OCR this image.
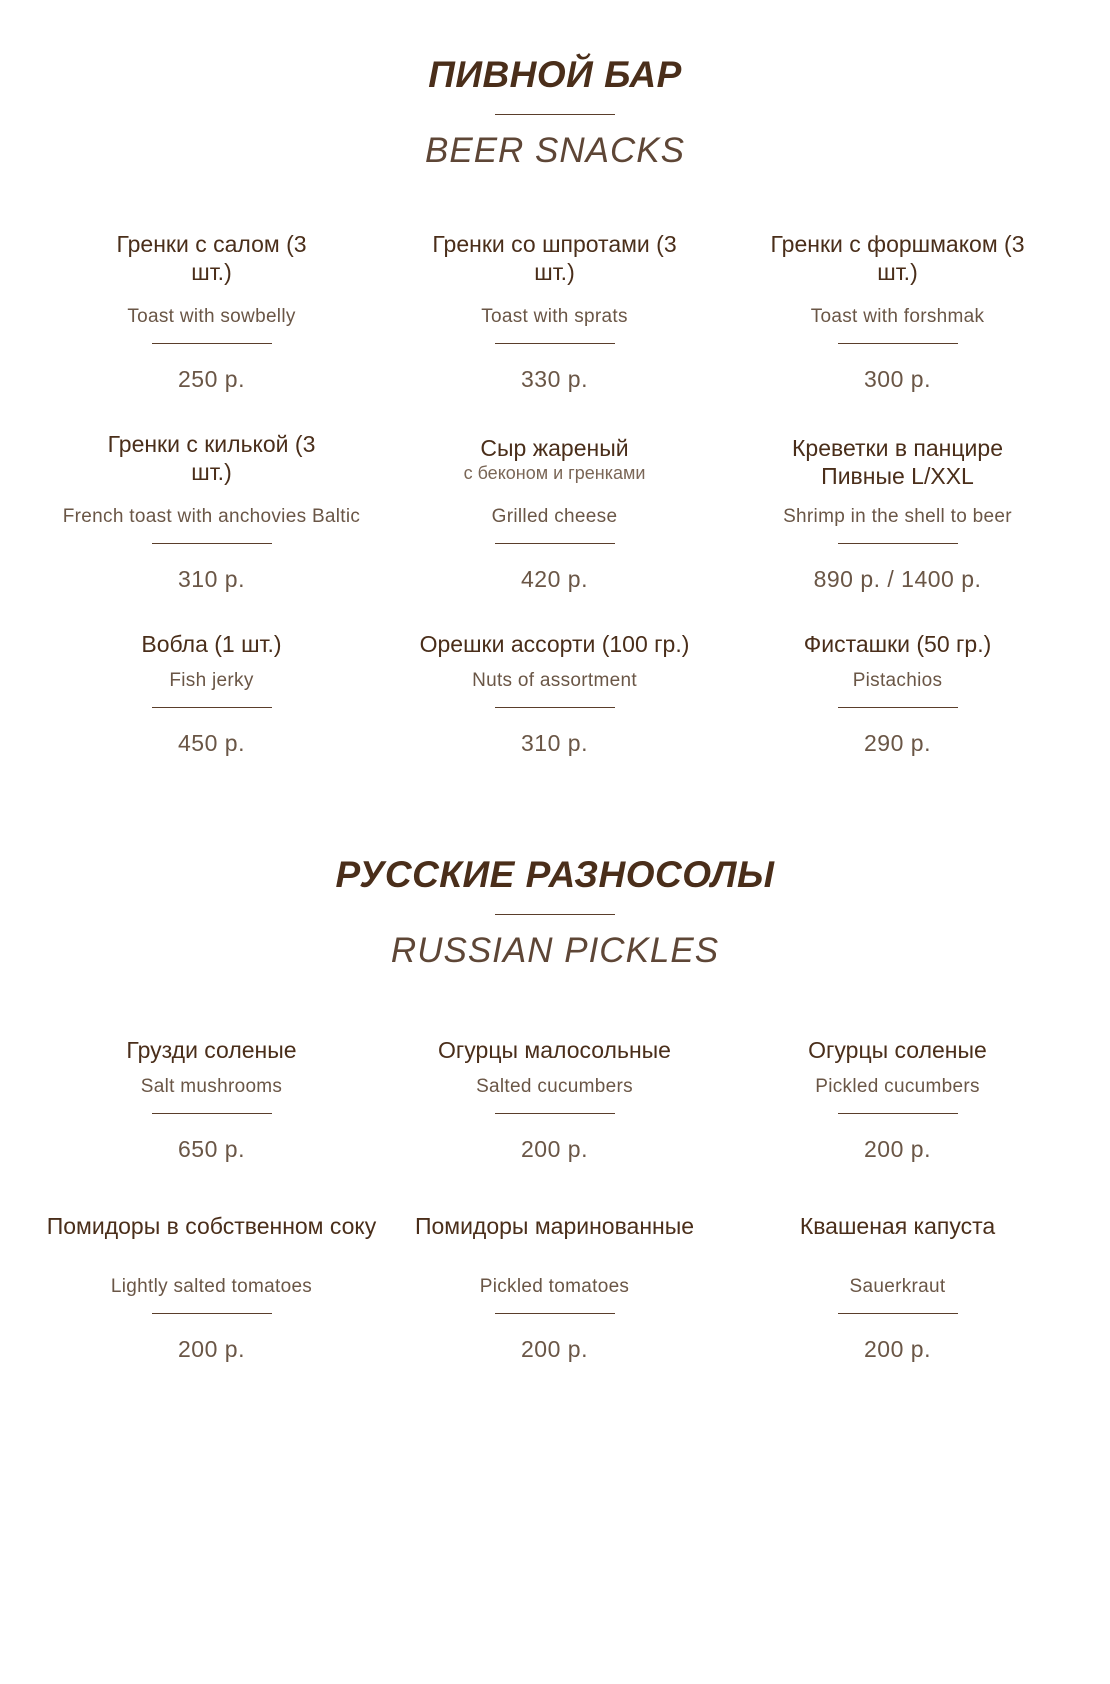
ПИВНОЙ БАР
BEER SNACKS
Гренки с салом (3 шт.)
Toast with sowbelly
250 р.
Гренки со шпротами (3 шт.)
Toast with sprats
330 р.
Гренки с форшмаком (3 шт.)
Toast with forshmak
300 р.
Гренки с килькой (3 шт.)
French toast with anchovies Baltic
310 р.
Сыр жареный
с беконом и гренками
Grilled cheese
420 р.
Креветки в панцире Пивные L/XXL
Shrimp in the shell to beer
890 р. / 1400 р.
Вобла (1 шт.)
Fish jerky
450 р.
Орешки ассорти (100 гр.)
Nuts of assortment
310 р.
Фисташки (50 гр.)
Pistachios
290 р.
РУССКИЕ РАЗНОСОЛЫ
RUSSIAN PICKLES
Грузди соленые
Salt mushrooms
650 р.
Огурцы малосольные
Salted cucumbers
200 р.
Огурцы соленые
Pickled cucumbers
200 р.
Помидоры в собственном соку
Lightly salted tomatoes
200 р.
Помидоры маринованные
Pickled tomatoes
200 р.
Квашеная капуста
Sauerkraut
200 р.
